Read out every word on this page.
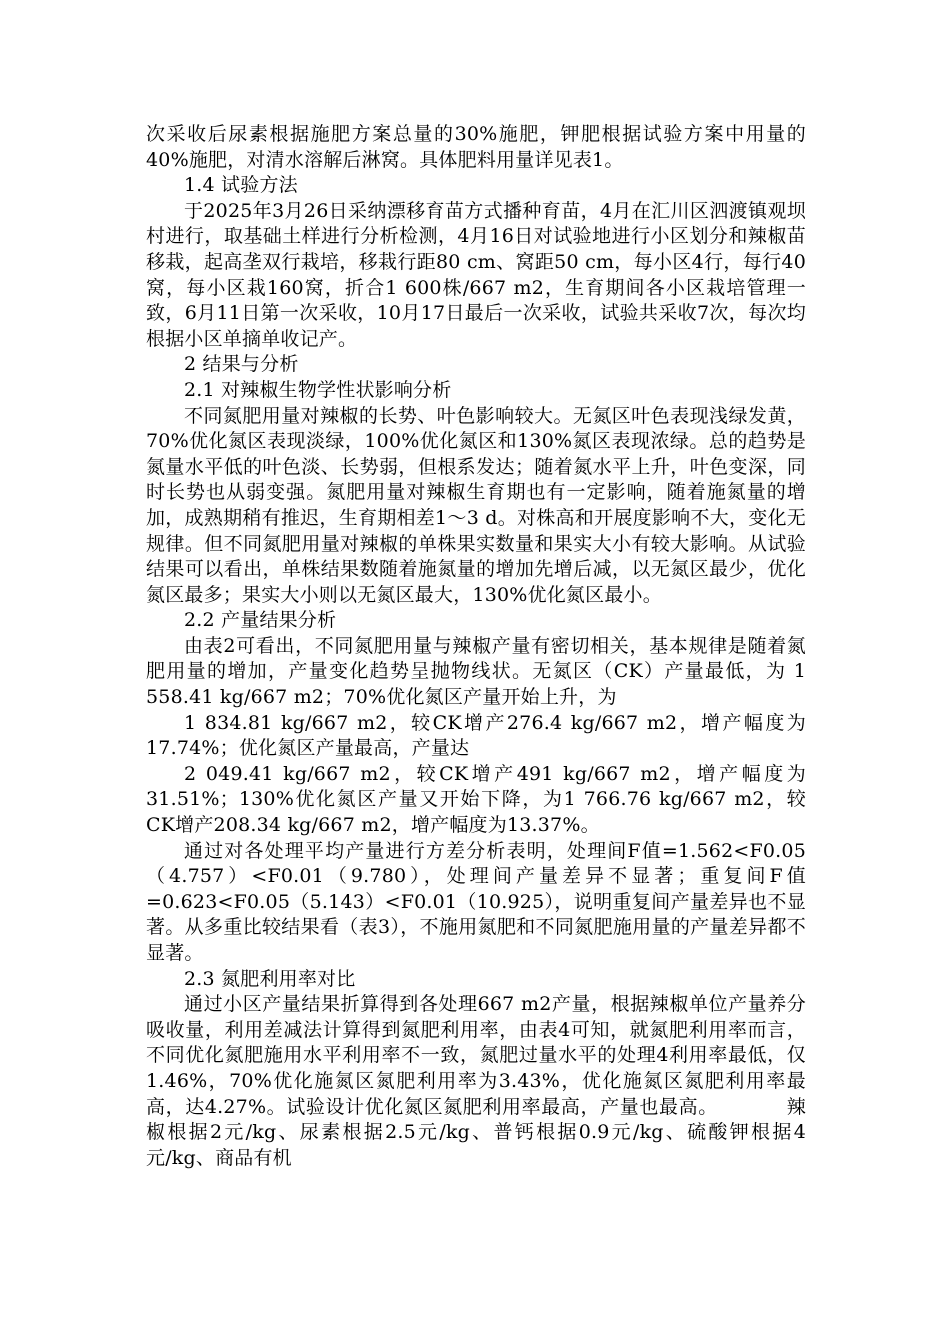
次采收后尿素根据施肥方案总量的30%施肥，钾肥根据试验方案中用量的40%施肥，对清水溶解后淋窝。具体肥料用量详见表1。

1.4 试验方法

于2025年3月26日采纳漂移育苗方式播种育苗，4月在汇川区泗渡镇观坝村进行，取基础土样进行分析检测，4月16日对试验地进行小区划分和辣椒苗移栽，起高垄双行栽培，移栽行距80 cm、窝距50 cm，每小区4行，每行40窝，每小区栽160窝，折合1 600株/667 m2，生育期间各小区栽培管理一致，6月11日第一次采收，10月17日最后一次采收，试验共采收7次，每次均根据小区单摘单收记产。

2 结果与分析

2.1 对辣椒生物学性状影响分析

不同氮肥用量对辣椒的长势、叶色影响较大。无氮区叶色表现浅绿发黄，70%优化氮区表现淡绿，100%优化氮区和130%氮区表现浓绿。总的趋势是氮量水平低的叶色淡、长势弱，但根系发达；随着氮水平上升，叶色变深，同时长势也从弱变强。氮肥用量对辣椒生育期也有一定影响，随着施氮量的增加，成熟期稍有推迟，生育期相差1～3 d。对株高和开展度影响不大，变化无规律。但不同氮肥用量对辣椒的单株果实数量和果实大小有较大影响。从试验结果可以看出，单株结果数随着施氮量的增加先增后减，以无氮区最少，优化氮区最多；果实大小则以无氮区最大，130%优化氮区最小。

2.2 产量结果分析

由表2可看出，不同氮肥用量与辣椒产量有密切相关，基本规律是随着氮肥用量的增加，产量变化趋势呈抛物线状。无氮区（CK）产量最低，为 1 558.41 kg/667 m2；70%优化氮区产量开始上升，为

1 834.81 kg/667 m2，较CK增产276.4 kg/667 m2，增产幅度为17.74%；优化氮区产量最高，产量达

2 049.41 kg/667 m2，较CK增产491 kg/667 m2，增产幅度为31.51%；130%优化氮区产量又开始下降，为1 766.76 kg/667 m2，较CK增产208.34 kg/667 m2，增产幅度为13.37%。

通过对各处理平均产量进行方差分析表明，处理间F值=1.562<F0.05 （4.757）<F0.01（9.780），处理间产量差异不显著；重复间F值=0.623<F0.05（5.143）<F0.01（10.925），说明重复间产量差异也不显著。从多重比较结果看（表3），不施用氮肥和不同氮肥施用量的产量差异都不显著。

2.3 氮肥利用率对比

通过小区产量结果折算得到各处理667 m2产量，根据辣椒单位产量养分吸收量，利用差减法计算得到氮肥利用率，由表4可知，就氮肥利用率而言，不同优化氮肥施用水平利用率不一致，氮肥过量水平的处理4利用率最低，仅1.46%，70%优化施氮区氮肥利用率为3.43%，优化施氮区氮肥利用率最高，达4.27%。试验设计优化氮区氮肥利用率最高，产量也最高。　　　　辣椒根据2元/kg、尿素根据2.5元/kg、普钙根据0.9元/kg、硫酸钾根据4元/kg、商品有机
